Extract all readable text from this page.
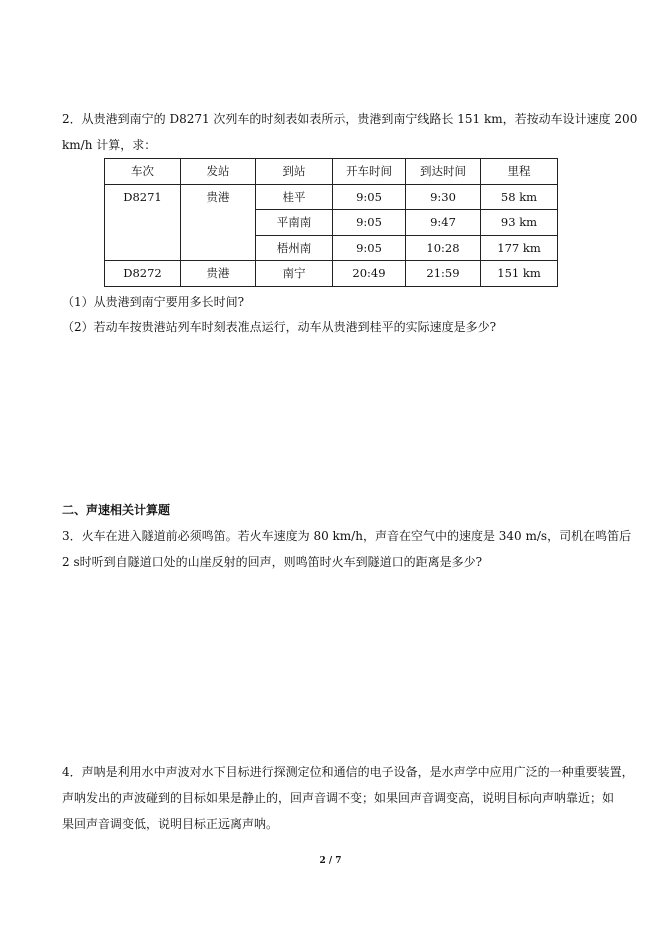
2．从贵港到南宁的 D8271 次列车的时刻表如表所示，贵港到南宁线路长 151 km，若按动车设计速度 200
km/h 计算，求：
车次	发站	到站	开车时间	到达时间	里程
D8271	贵港	桂平	9:05	9:30	58 km
		平南南	9:05	9:47	93 km
		梧州南	9:05	10:28	177 km
D8272	贵港	南宁	20:49	21:59	151 km
（1）从贵港到南宁要用多长时间?
（2）若动车按贵港站列车时刻表准点运行，动车从贵港到桂平的实际速度是多少?
二、声速相关计算题
3．火车在进入隧道前必须鸣笛。若火车速度为 80 km/h，声音在空气中的速度是 340 m/s，司机在鸣笛后
2 s时听到自隧道口处的山崖反射的回声，则鸣笛时火车到隧道口的距离是多少?
4．声呐是利用水中声波对水下目标进行探测定位和通信的电子设备，是水声学中应用广泛的一种重要装置，
声呐发出的声波碰到的目标如果是静止的，回声音调不变；如果回声音调变高，说明目标向声呐靠近；如
果回声音调变低，说明目标正远离声呐。
2 / 7
